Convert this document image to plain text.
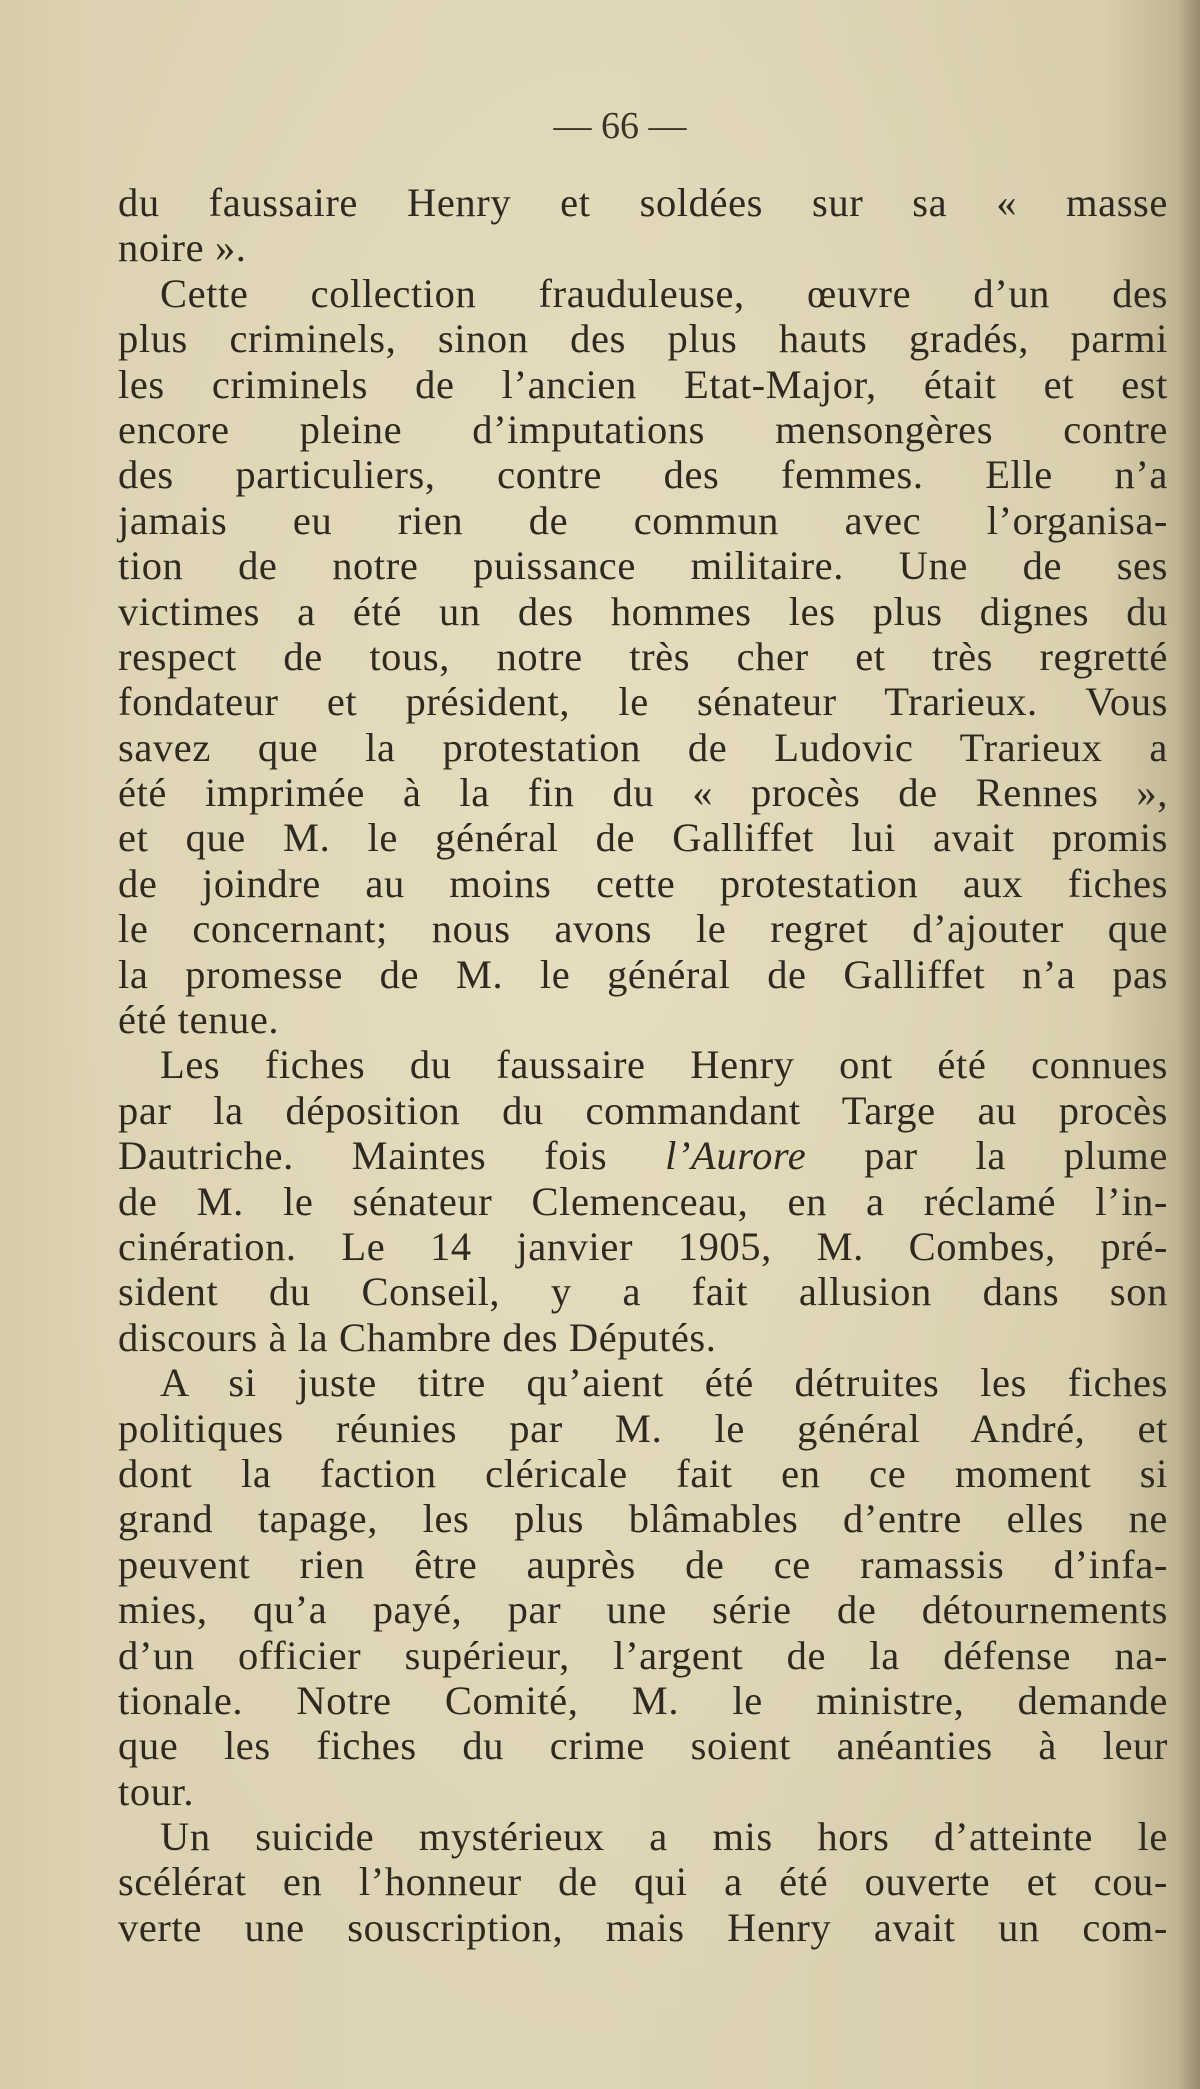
— 66 —
du faussaire Henry et soldées sur sa « masse
noire ».
Cette collection frauduleuse, œuvre d’un des
plus criminels, sinon des plus hauts gradés, parmi
les criminels de l’ancien Etat-Major, était et est
encore pleine d’imputations mensongères contre
des particuliers, contre des femmes. Elle n’a
jamais eu rien de commun avec l’organisa-
tion de notre puissance militaire. Une de ses
victimes a été un des hommes les plus dignes du
respect de tous, notre très cher et très regretté
fondateur et président, le sénateur Trarieux. Vous
savez que la protestation de Ludovic Trarieux a
été imprimée à la fin du « procès de Rennes »,
et que M. le général de Galliffet lui avait promis
de joindre au moins cette protestation aux fiches
le concernant; nous avons le regret d’ajouter que
la promesse de M. le général de Galliffet n’a pas
été tenue.
Les fiches du faussaire Henry ont été connues
par la déposition du commandant Targe au procès
Dautriche. Maintes fois l’Aurore par la plume
de M. le sénateur Clemenceau, en a réclamé l’in-
cinération. Le 14 janvier 1905, M. Combes, pré-
sident du Conseil, y a fait allusion dans son
discours à la Chambre des Députés.
A si juste titre qu’aient été détruites les fiches
politiques réunies par M. le général André, et
dont la faction cléricale fait en ce moment si
grand tapage, les plus blâmables d’entre elles ne
peuvent rien être auprès de ce ramassis d’infa-
mies, qu’a payé, par une série de détournements
d’un officier supérieur, l’argent de la défense na-
tionale. Notre Comité, M. le ministre, demande
que les fiches du crime soient anéanties à leur
tour.
Un suicide mystérieux a mis hors d’atteinte le
scélérat en l’honneur de qui a été ouverte et cou-
verte une souscription, mais Henry avait un com-
